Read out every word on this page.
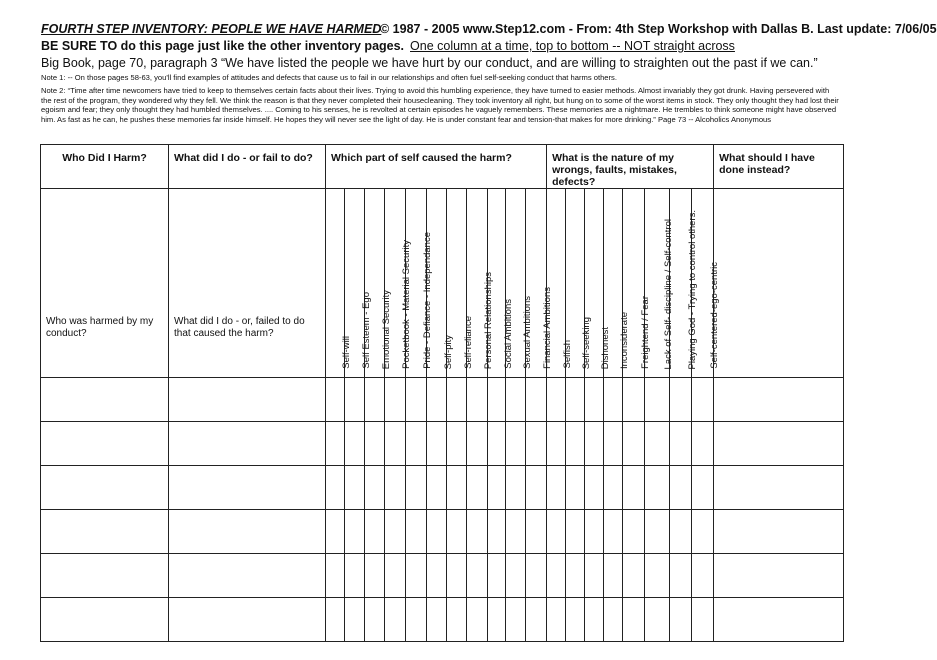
FOURTH STEP INVENTORY: PEOPLE WE HAVE HARMED
© 1987 - 2005 www.Step12.com - From: 4th Step Workshop with Dallas B. Last update: 7/06/05
BE SURE TO do this page just like the other inventory pages. One column at a time, top to bottom -- NOT straight across
Big Book, page 70, paragraph 3 “We have listed the people we have hurt by our conduct, and are willing to straighten out the past if we can.”
Note 1: -- On those pages 58-63, you'll find examples of attitudes and defects that cause us to fail in our relationships and often fuel self-seeking conduct that harms others.
Note 2: “Time after time newcomers have tried to keep to themselves certain facts about their lives. Trying to avoid this humbling experience, they have turned to easier methods. Almost invariably they got drunk. Having persevered with the rest of the program, they wondered why they fell. We think the reason is that they never completed their housecleaning. They took inventory all right, but hung on to some of the worst items in stock. They only thought they had lost their egoism and fear; they only thought they had humbled themselves. .... Coming to his senses, he is revolted at certain episodes he vaguely remembers. These memories are a nightmare. He trembles to think someone might have observed him. As fast as he can, he pushes these memories far inside himself. He hopes they will never see the light of day. He is under constant fear and tension-that makes for more drinking.” Page 73 -- Alcoholics Anonymous
Who Did I Harm?	What did I do - or fail to do?	Which part of self caused the harm?											What is the nature of my wrongs, faults, mistakes, defects?								What should I have done instead?

Who was harmed by my conduct?	What did I do - or, failed to do that caused the harm?	Self-will	Self Esteem - Ego	Emotional Security	Pocketbook - Material Security	Pride - Defiance - Independance	Self-pity	Self-reliance	Personal Relationships	Social Ambitions	Sexual Ambitions	Financial Ambitions	Selfish	Self-seeking	Dishonest	Inconsiderate	Freightend / Fear	Lack of Self- discipline / Self-control	Playing God - Trying to control others.	Self-centered-ego-centric	
